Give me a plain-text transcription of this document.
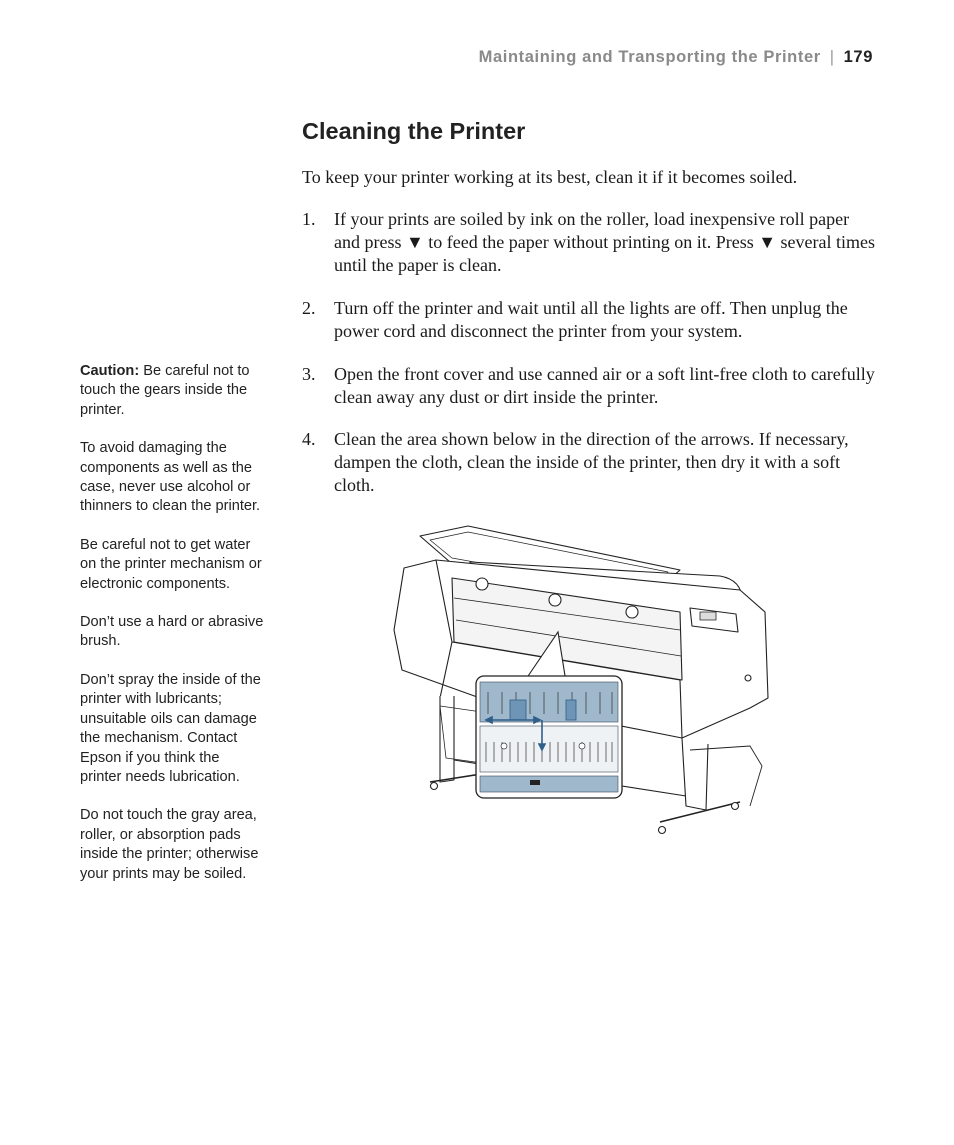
Maintaining and Transporting the Printer | 179
Cleaning the Printer

To keep your printer working at its best, clean it if it becomes soiled.

1. If your prints are soiled by ink on the roller, load inexpensive roll paper and press ▼ to feed the paper without printing on it. Press ▼ several times until the paper is clean.
2. Turn off the printer and wait until all the lights are off. Then unplug the power cord and disconnect the printer from your system.
3. Open the front cover and use canned air or a soft lint-free cloth to carefully clean away any dust or dirt inside the printer.
4. Clean the area shown below in the direction of the arrows. If necessary, dampen the cloth, clean the inside of the printer, then dry it with a soft cloth.

Caution: Be careful not to touch the gears inside the printer.

To avoid damaging the components as well as the case, never use alcohol or thinners to clean the printer.

Be careful not to get water on the printer mechanism or electronic components.

Don’t use a hard or abrasive brush.

Don’t spray the inside of the printer with lubricants; unsuitable oils can damage the mechanism. Contact Epson if you think the printer needs lubrication.

Do not touch the gray area, roller, or absorption pads inside the printer; otherwise your prints may be soiled.
